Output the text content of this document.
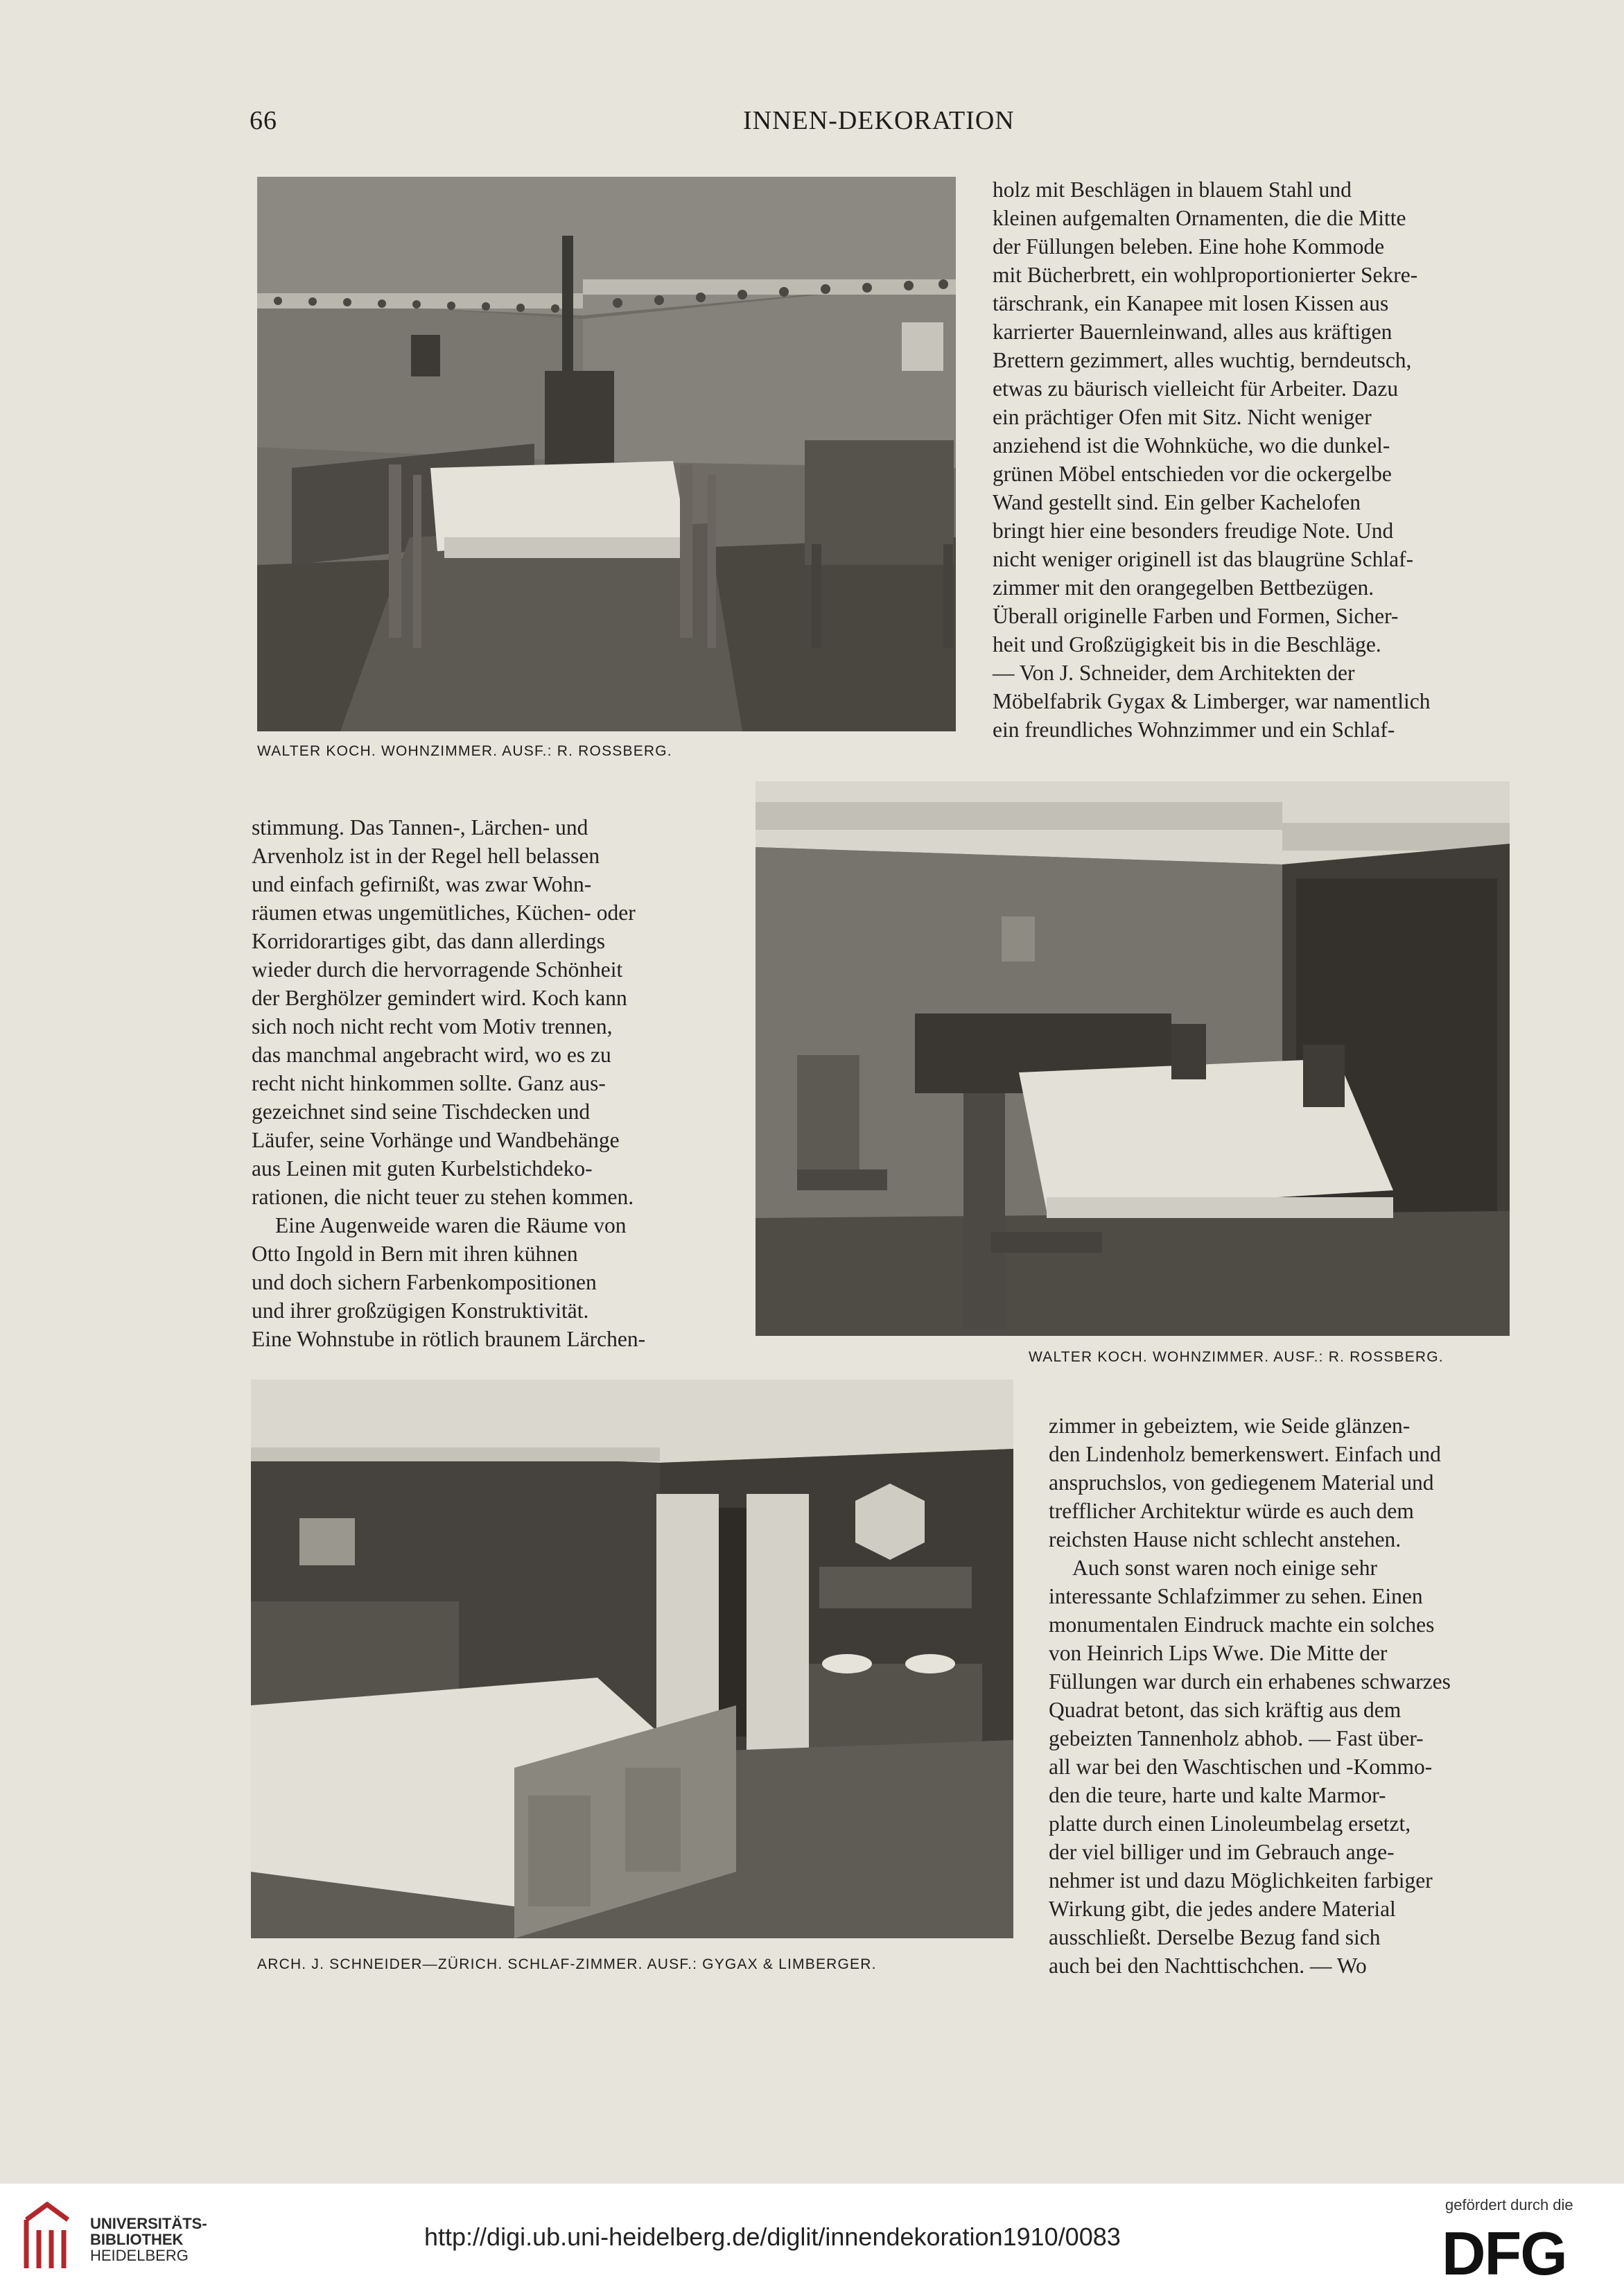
66	INNEN-DEKORATION
WALTER KOCH. WOHNZIMMER. AUSF.: R. ROSSBERG.
holz mit Beschlägen in blauem Stahl und
kleinen aufgemalten Ornamenten, die die Mitte
der Füllungen beleben. Eine hohe Kommode
mit Bücherbrett, ein wohlproportionierter Sekre-
tärschrank, ein Kanapee mit losen Kissen aus
karrierter Bauernleinwand, alles aus kräftigen
Brettern gezimmert, alles wuchtig, berndeutsch,
etwas zu bäurisch vielleicht für Arbeiter. Dazu
ein prächtiger Ofen mit Sitz. Nicht weniger
anziehend ist die Wohnküche, wo die dunkel-
grünen Möbel entschieden vor die ockergelbe
Wand gestellt sind. Ein gelber Kachelofen
bringt hier eine besonders freudige Note. Und
nicht weniger originell ist das blaugrüne Schlaf-
zimmer mit den orangegelben Bettbezügen.
Überall originelle Farben und Formen, Sicher-
heit und Großzügigkeit bis in die Beschläge.
— Von J. Schneider, dem Architekten der
Möbelfabrik Gygax & Limberger, war namentlich
ein freundliches Wohnzimmer und ein Schlaf-
stimmung. Das Tannen-, Lärchen- und
Arvenholz ist in der Regel hell belassen
und einfach gefirnißt, was zwar Wohn-
räumen etwas ungemütliches, Küchen- oder
Korridorartiges gibt, das dann allerdings
wieder durch die hervorragende Schönheit
der Berghölzer gemindert wird. Koch kann
sich noch nicht recht vom Motiv trennen,
das manchmal angebracht wird, wo es zu
recht nicht hinkommen sollte. Ganz aus-
gezeichnet sind seine Tischdecken und
Läufer, seine Vorhänge und Wandbehänge
aus Leinen mit guten Kurbelstichdeko-
rationen, die nicht teuer zu stehen kommen.
Eine Augenweide waren die Räume von
Otto Ingold in Bern mit ihren kühnen
und doch sichern Farbenkompositionen
und ihrer großzügigen Konstruktivität.
Eine Wohnstube in rötlich braunem Lärchen-
WALTER KOCH. WOHNZIMMER. AUSF.: R. ROSSBERG.
ARCH. J. SCHNEIDER—ZÜRICH. SCHLAF-ZIMMER. AUSF.: GYGAX & LIMBERGER.
zimmer in gebeiztem, wie Seide glänzen-
den Lindenholz bemerkenswert. Einfach und
anspruchslos, von gediegenem Material und
trefflicher Architektur würde es auch dem
reichsten Hause nicht schlecht anstehen.
Auch sonst waren noch einige sehr
interessante Schlafzimmer zu sehen. Einen
monumentalen Eindruck machte ein solches
von Heinrich Lips Wwe. Die Mitte der
Füllungen war durch ein erhabenes schwarzes
Quadrat betont, das sich kräftig aus dem
gebeizten Tannenholz abhob. — Fast über-
all war bei den Waschtischen und -Kommo-
den die teure, harte und kalte Marmor-
platte durch einen Linoleumbelag ersetzt,
der viel billiger und im Gebrauch ange-
nehmer ist und dazu Möglichkeiten farbiger
Wirkung gibt, die jedes andere Material
ausschließt. Derselbe Bezug fand sich
auch bei den Nachttischchen. — Wo
UNIVERSITÄTS-
BIBLIOTHEK
HEIDELBERG
http://digi.ub.uni-heidelberg.de/diglit/innendekoration1910/0083
gefördert durch die
DFG
